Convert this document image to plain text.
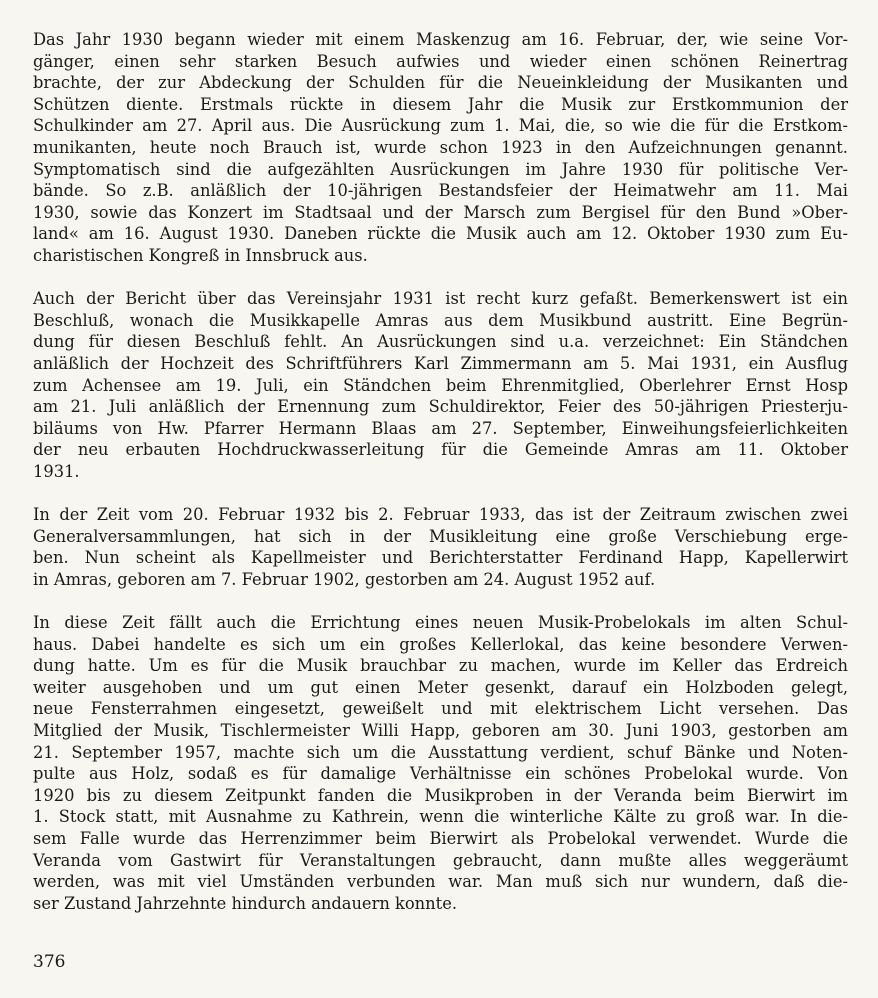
Das Jahr 1930 begann wieder mit einem Maskenzug am 16. Februar, der, wie seine Vor-
gänger, einen sehr starken Besuch aufwies und wieder einen schönen Reinertrag
brachte, der zur Abdeckung der Schulden für die Neueinkleidung der Musikanten und
Schützen diente. Erstmals rückte in diesem Jahr die Musik zur Erstkommunion der
Schulkinder am 27. April aus. Die Ausrückung zum 1. Mai, die, so wie die für die Erstkom-
munikanten, heute noch Brauch ist, wurde schon 1923 in den Aufzeichnungen genannt.
Symptomatisch sind die aufgezählten Ausrückungen im Jahre 1930 für politische Ver-
bände. So z.B. anläßlich der 10-jährigen Bestandsfeier der Heimatwehr am 11. Mai
1930, sowie das Konzert im Stadtsaal und der Marsch zum Bergisel für den Bund »Ober-
land« am 16. August 1930. Daneben rückte die Musik auch am 12. Oktober 1930 zum Eu-
charistischen Kongreß in Innsbruck aus.

Auch der Bericht über das Vereinsjahr 1931 ist recht kurz gefaßt. Bemerkenswert ist ein
Beschluß, wonach die Musikkapelle Amras aus dem Musikbund austritt. Eine Begrün-
dung für diesen Beschluß fehlt. An Ausrückungen sind u.a. verzeichnet: Ein Ständchen
anläßlich der Hochzeit des Schriftführers Karl Zimmermann am 5. Mai 1931, ein Ausflug
zum Achensee am 19. Juli, ein Ständchen beim Ehrenmitglied, Oberlehrer Ernst Hosp
am 21. Juli anläßlich der Ernennung zum Schuldirektor, Feier des 50-jährigen Priesterju-
biläums von Hw. Pfarrer Hermann Blaas am 27. September, Einweihungsfeierlichkeiten
der neu erbauten Hochdruckwasserleitung für die Gemeinde Amras am 11. Oktober
1931.

In der Zeit vom 20. Februar 1932 bis 2. Februar 1933, das ist der Zeitraum zwischen zwei
Generalversammlungen, hat sich in der Musikleitung eine große Verschiebung erge-
ben. Nun scheint als Kapellmeister und Berichterstatter Ferdinand Happ, Kapellerwirt
in Amras, geboren am 7. Februar 1902, gestorben am 24. August 1952 auf.

In diese Zeit fällt auch die Errichtung eines neuen Musik-Probelokals im alten Schul-
haus. Dabei handelte es sich um ein großes Kellerlokal, das keine besondere Verwen-
dung hatte. Um es für die Musik brauchbar zu machen, wurde im Keller das Erdreich
weiter ausgehoben und um gut einen Meter gesenkt, darauf ein Holzboden gelegt,
neue Fensterrahmen eingesetzt, geweißelt und mit elektrischem Licht versehen. Das
Mitglied der Musik, Tischlermeister Willi Happ, geboren am 30. Juni 1903, gestorben am
21. September 1957, machte sich um die Ausstattung verdient, schuf Bänke und Noten-
pulte aus Holz, sodaß es für damalige Verhältnisse ein schönes Probelokal wurde. Von
1920 bis zu diesem Zeitpunkt fanden die Musikproben in der Veranda beim Bierwirt im
1. Stock statt, mit Ausnahme zu Kathrein, wenn die winterliche Kälte zu groß war. In die-
sem Falle wurde das Herrenzimmer beim Bierwirt als Probelokal verwendet. Wurde die
Veranda vom Gastwirt für Veranstaltungen gebraucht, dann mußte alles weggeräumt
werden, was mit viel Umständen verbunden war. Man muß sich nur wundern, daß die-
ser Zustand Jahrzehnte hindurch andauern konnte.

376
